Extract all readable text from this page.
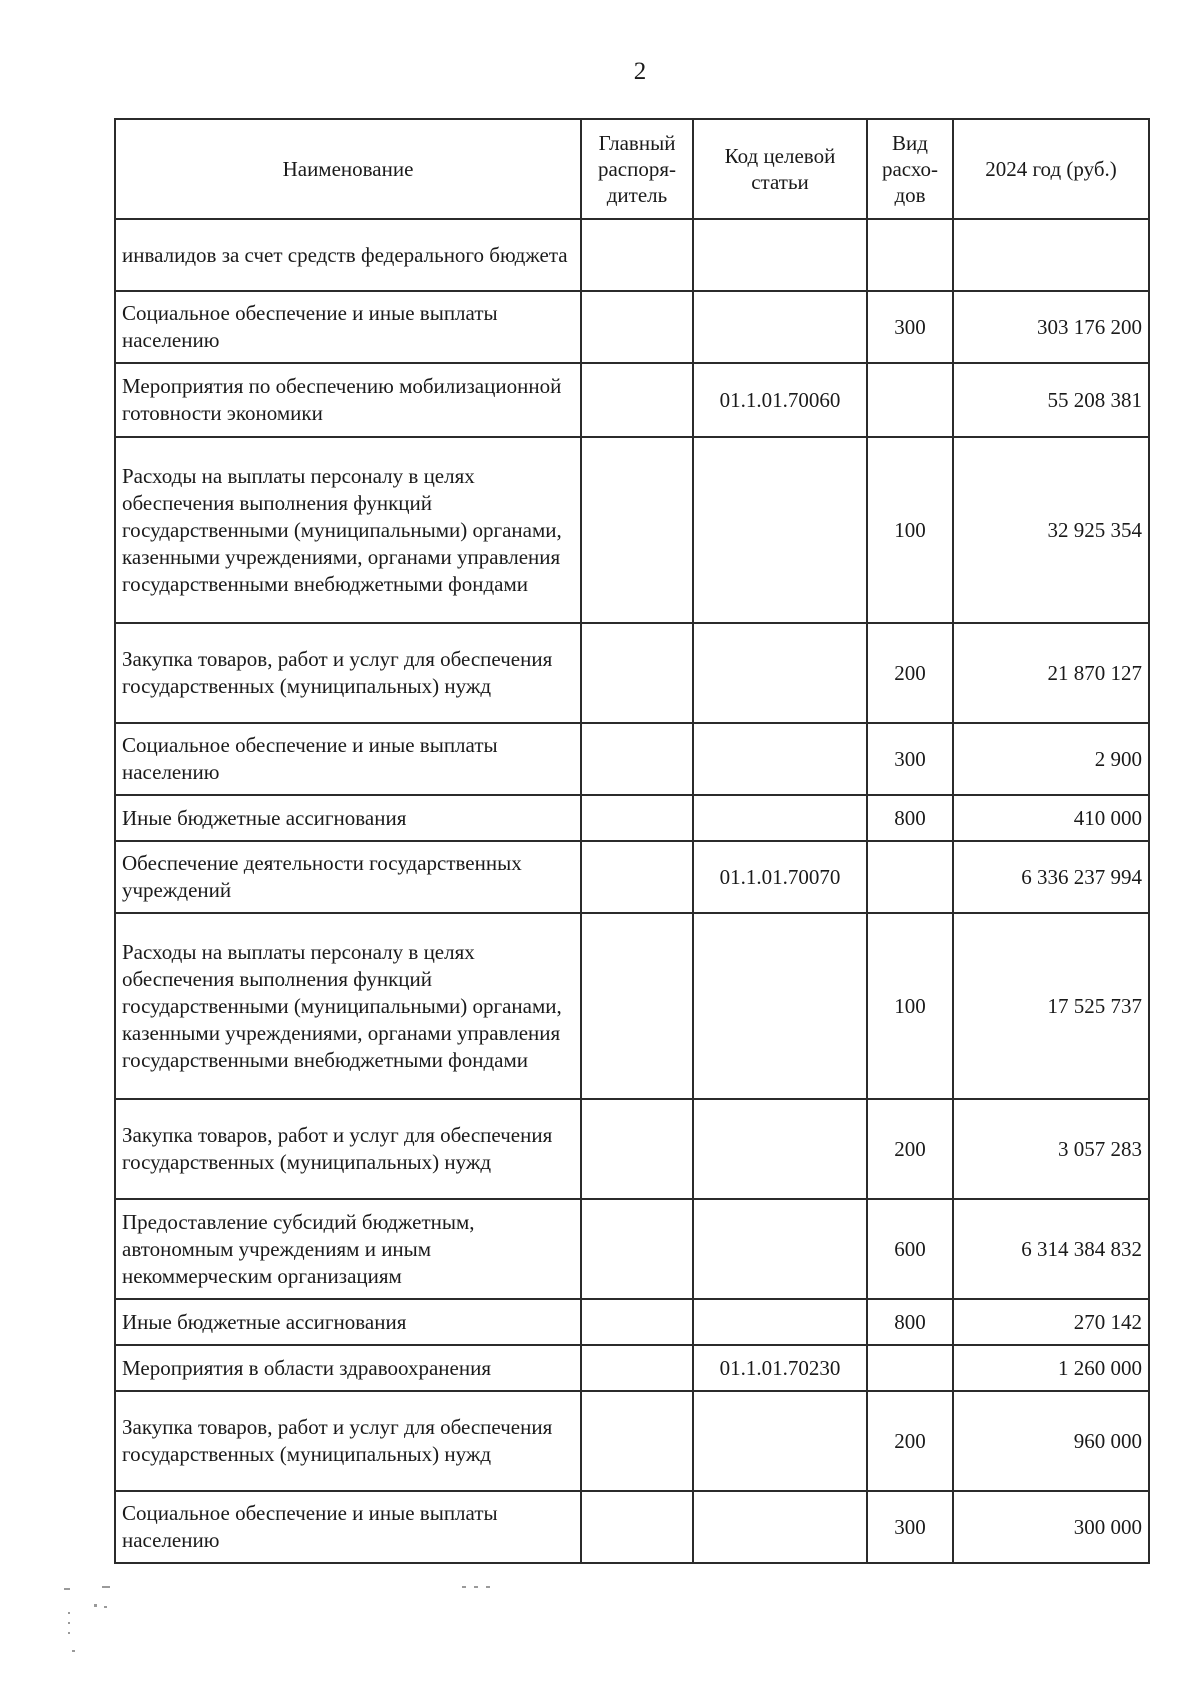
2
Наименование	Главный распоря-дитель	Код целевой статьи	Вид расхо-дов	2024 год (руб.)
инвалидов за счет средств федерального бюджета				
Социальное обеспечение и иные выплаты населению			300	303 176 200
Мероприятия по обеспечению мобилизационной готовности экономики		01.1.01.70060		55 208 381
Расходы на выплаты персоналу в целях обеспечения выполнения функций государственными (муниципальными) органами, казенными учреждениями, органами управления государственными внебюджетными фондами			100	32 925 354
Закупка товаров, работ и услуг для обеспечения государственных (муниципальных) нужд			200	21 870 127
Социальное обеспечение и иные выплаты населению			300	2 900
Иные бюджетные ассигнования			800	410 000
Обеспечение деятельности государственных учреждений		01.1.01.70070		6 336 237 994
Расходы на выплаты персоналу в целях обеспечения выполнения функций государственными (муниципальными) органами, казенными учреждениями, органами управления государственными внебюджетными фондами			100	17 525 737
Закупка товаров, работ и услуг для обеспечения государственных (муниципальных) нужд			200	3 057 283
Предоставление субсидий бюджетным, автономным учреждениям и иным некоммерческим организациям			600	6 314 384 832
Иные бюджетные ассигнования			800	270 142
Мероприятия в области здравоохранения		01.1.01.70230		1 260 000
Закупка товаров, работ и услуг для обеспечения государственных (муниципальных) нужд			200	960 000
Социальное обеспечение и иные выплаты населению			300	300 000
